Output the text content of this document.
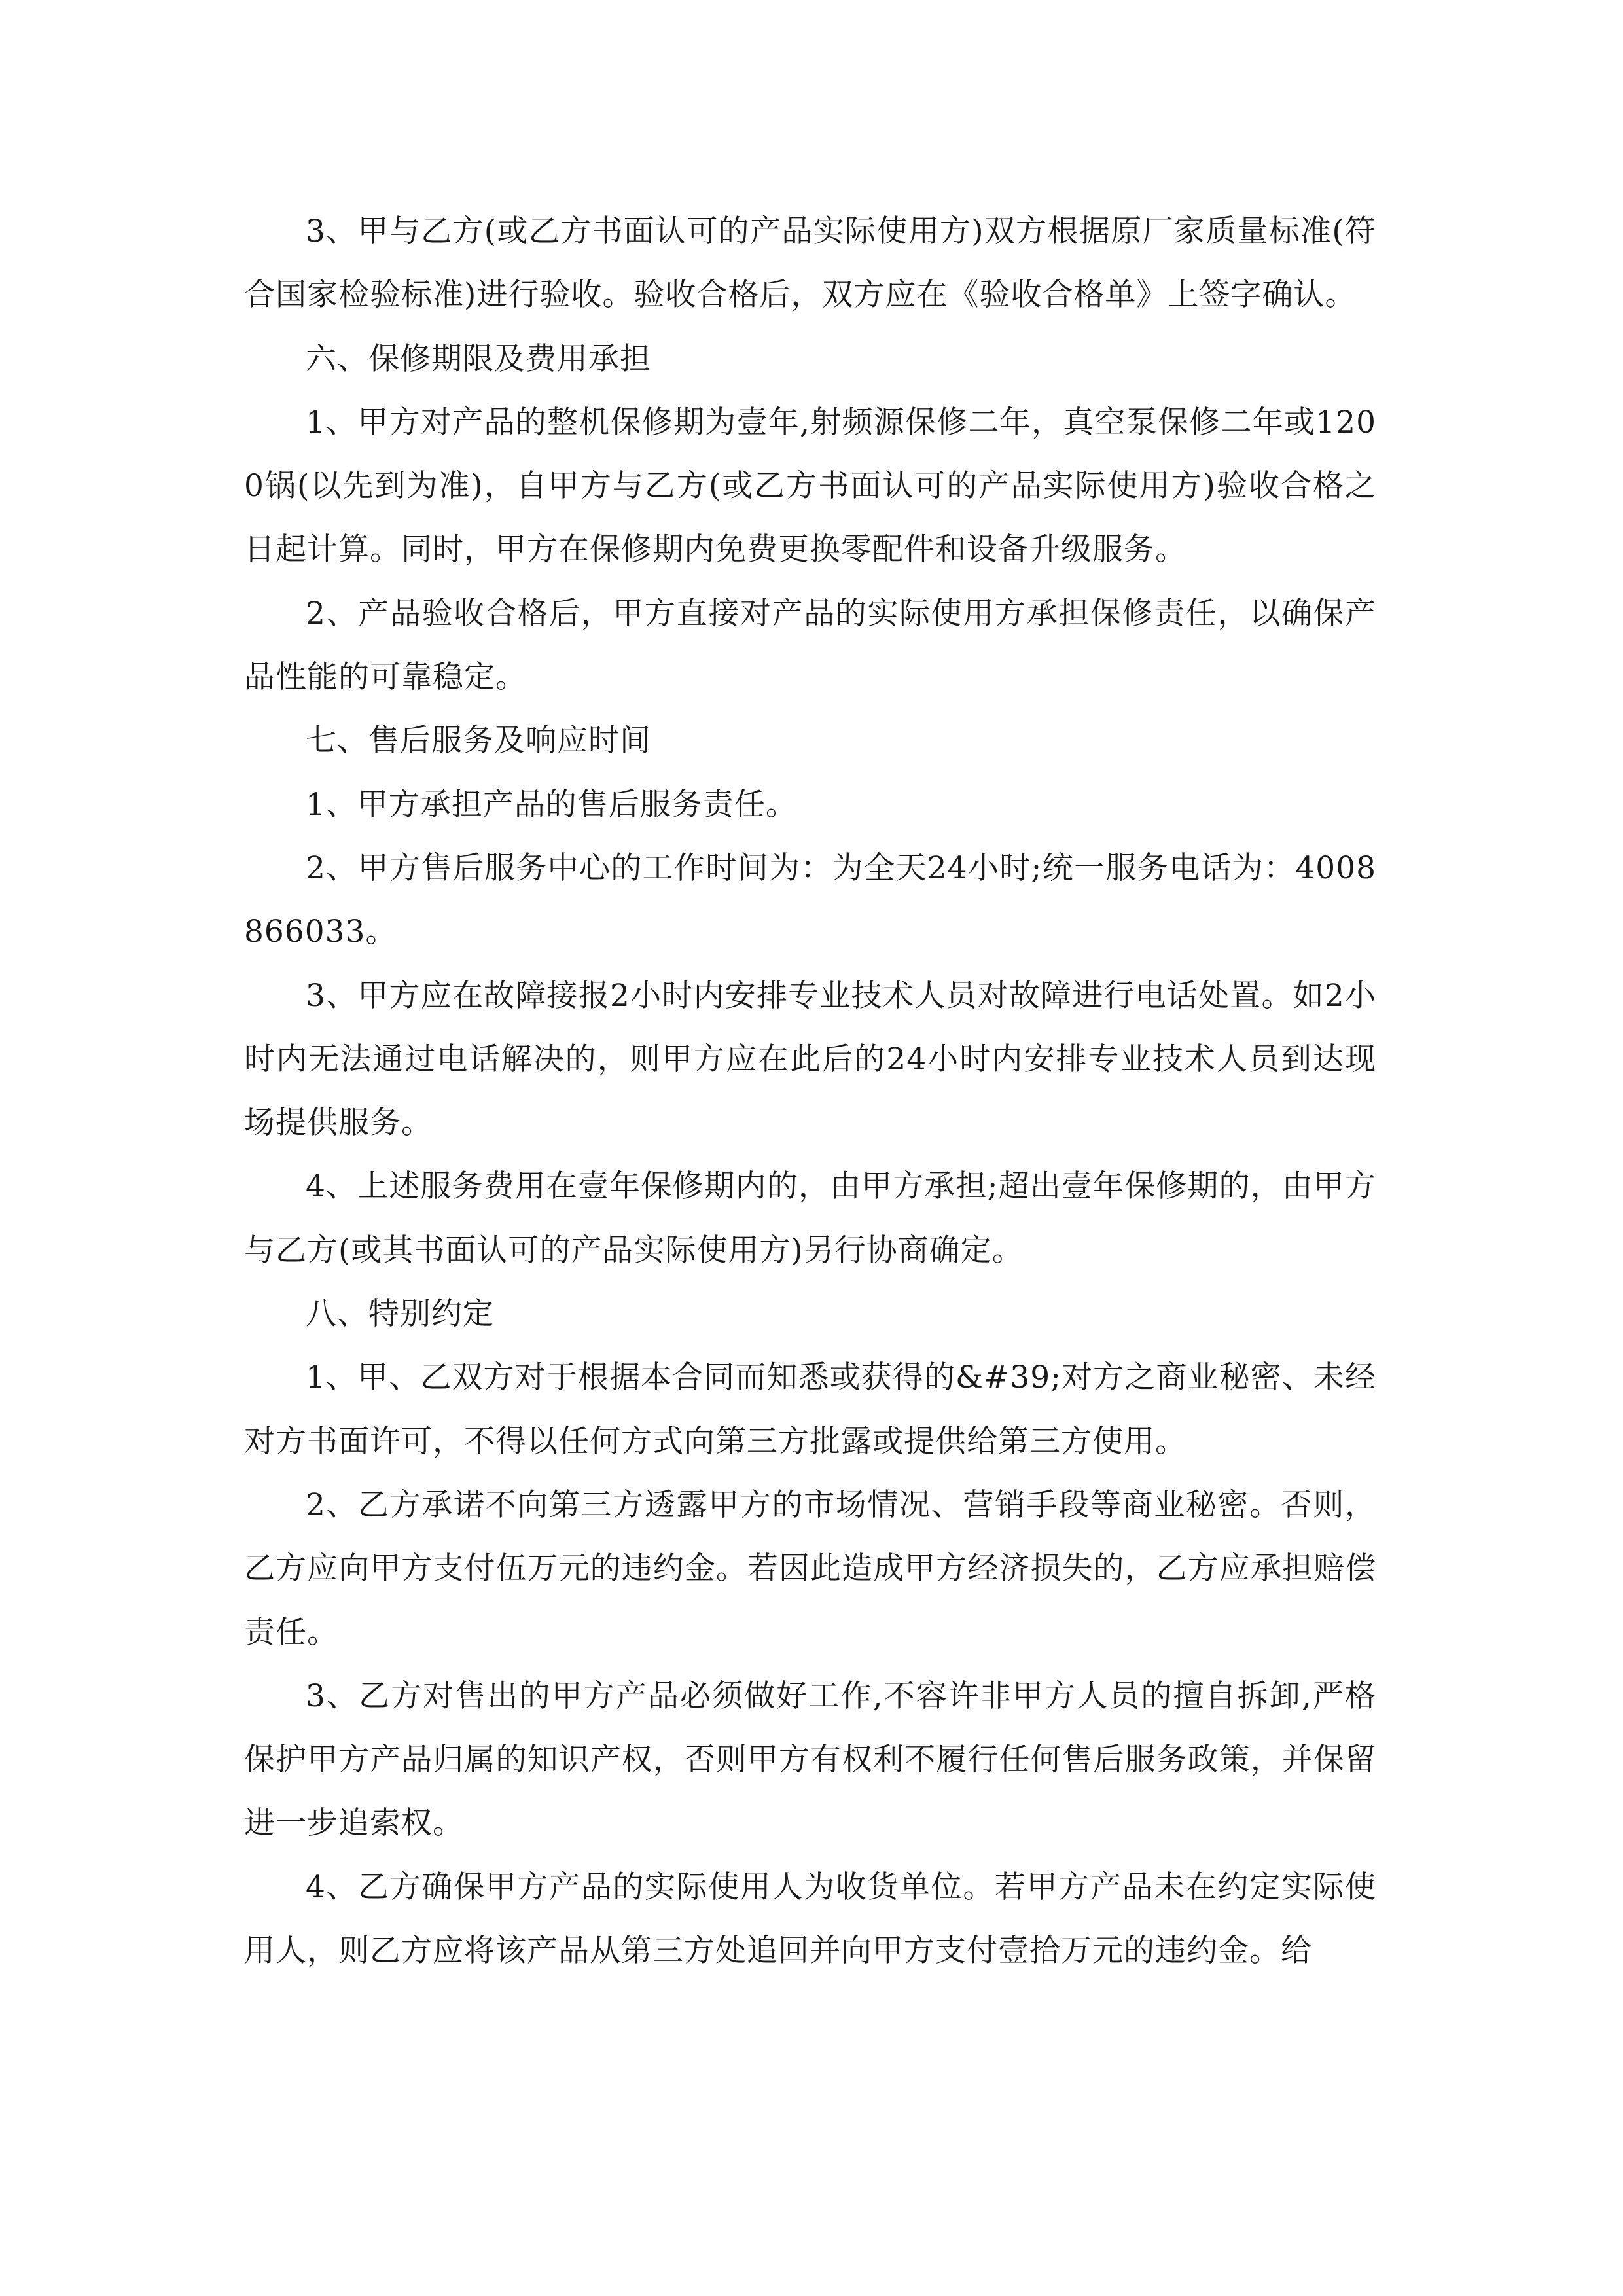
3、甲与乙方(或乙方书面认可的产品实际使用方)双方根据原厂家质量标准(符合国家检验标准)进行验收。验收合格后，双方应在《验收合格单》上签字确认。

六、保修期限及费用承担

1、甲方对产品的整机保修期为壹年,射频源保修二年，真空泵保修二年或1200锅(以先到为准)，自甲方与乙方(或乙方书面认可的产品实际使用方)验收合格之日起计算。同时，甲方在保修期内免费更换零配件和设备升级服务。

2、产品验收合格后，甲方直接对产品的实际使用方承担保修责任，以确保产品性能的可靠稳定。

七、售后服务及响应时间

1、甲方承担产品的售后服务责任。

2、甲方售后服务中心的工作时间为：为全天24小时;统一服务电话为：4008866033。

3、甲方应在故障接报2小时内安排专业技术人员对故障进行电话处置。如2小时内无法通过电话解决的，则甲方应在此后的24小时内安排专业技术人员到达现场提供服务。

4、上述服务费用在壹年保修期内的，由甲方承担;超出壹年保修期的，由甲方与乙方(或其书面认可的产品实际使用方)另行协商确定。

八、特别约定

1、甲、乙双方对于根据本合同而知悉或获得的&#39;对方之商业秘密、未经对方书面许可，不得以任何方式向第三方批露或提供给第三方使用。

2、乙方承诺不向第三方透露甲方的市场情况、营销手段等商业秘密。否则，乙方应向甲方支付伍万元的违约金。若因此造成甲方经济损失的，乙方应承担赔偿责任。

3、乙方对售出的甲方产品必须做好工作,不容许非甲方人员的擅自拆卸,严格保护甲方产品归属的知识产权，否则甲方有权利不履行任何售后服务政策，并保留进一步追索权。

4、乙方确保甲方产品的实际使用人为收货单位。若甲方产品未在约定实际使用人，则乙方应将该产品从第三方处追回并向甲方支付壹拾万元的违约金。给
